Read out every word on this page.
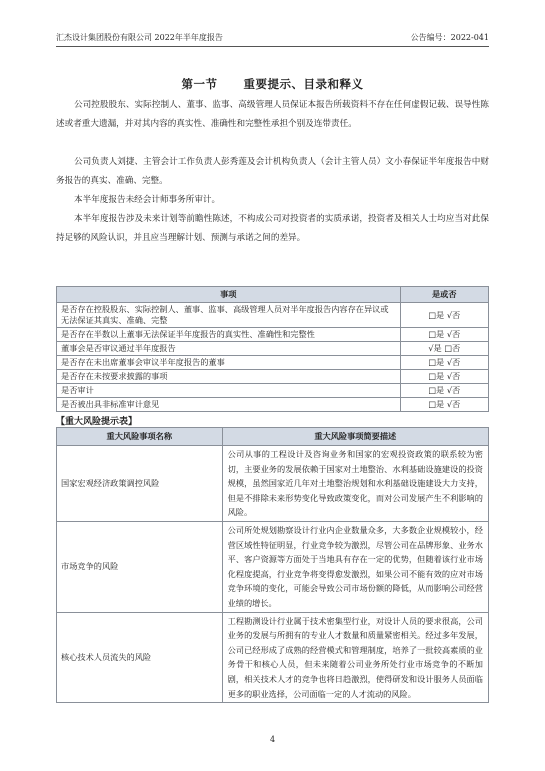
汇杰设计集团股份有限公司 2022年半年度报告	公告编号：2022-041
第一节 重要提示、目录和释义

公司控股股东、实际控制人、董事、监事、高级管理人员保证本报告所载资料不存在任何虚假记载、误导性陈述或者重大遗漏，并对其内容的真实性、准确性和完整性承担个别及连带责任。

公司负责人刘捷、主管会计工作负责人彭秀莲及会计机构负责人（会计主管人员）文小春保证半年度报告中财务报告的真实、准确、完整。

本半年度报告未经会计师事务所审计。

本半年度报告涉及未来计划等前瞻性陈述，不构成公司对投资者的实质承诺，投资者及相关人士均应当对此保持足够的风险认识，并且应当理解计划、预测与承诺之间的差异。

事项	是或否
是否存在控股股东、实际控制人、董事、监事、高级管理人员对半年度报告内容存在异议或无法保证其真实、准确、完整	□是 √否
是否存在半数以上董事无法保证半年度报告的真实性、准确性和完整性	□是 √否
董事会是否审议通过半年度报告	√是 □否
是否存在未出席董事会审议半年度报告的董事	□是 √否
是否存在未按要求披露的事项	□是 √否
是否审计	□是 √否
是否被出具非标准审计意见	□是 √否
【重大风险提示表】
重大风险事项名称	重大风险事项简要描述
国家宏观经济政策调控风险	公司从事的工程设计及咨询业务和国家的宏观投资政策的联系较为密切，主要业务的发展依赖于国家对土地整治、水利基础设施建设的投资规模，虽然国家近几年对土地整治规划和水利基础设施建设大力支持，但是不排除未来形势变化导致政策变化，而对公司发展产生不利影响的风险。
市场竞争的风险	公司所处规划勘察设计行业内企业数量众多，大多数企业规模较小，经营区域性特征明显，行业竞争较为激烈，尽管公司在品牌形象、业务水平、客户资源等方面处于当地具有存在一定的优势，但随着该行业市场化程度提高，行业竞争将变得愈发激烈，如果公司不能有效的应对市场竞争环境的变化，可能会导致公司市场份额的降低，从而影响公司经营业绩的增长。
核心技术人员流失的风险	工程勘测设计行业属于技术密集型行业，对设计人员的要求很高，公司业务的发展与所拥有的专业人才数量和质量紧密相关。经过多年发展，公司已经形成了成熟的经营模式和管理制度，培养了一批较高素质的业务骨干和核心人员，但未来随着公司业务所处行业市场竞争的不断加剧，相关技术人才的竞争也将日趋激烈，使得研发和设计服务人员面临更多的职业选择，公司面临一定的人才流动的风险。
4
